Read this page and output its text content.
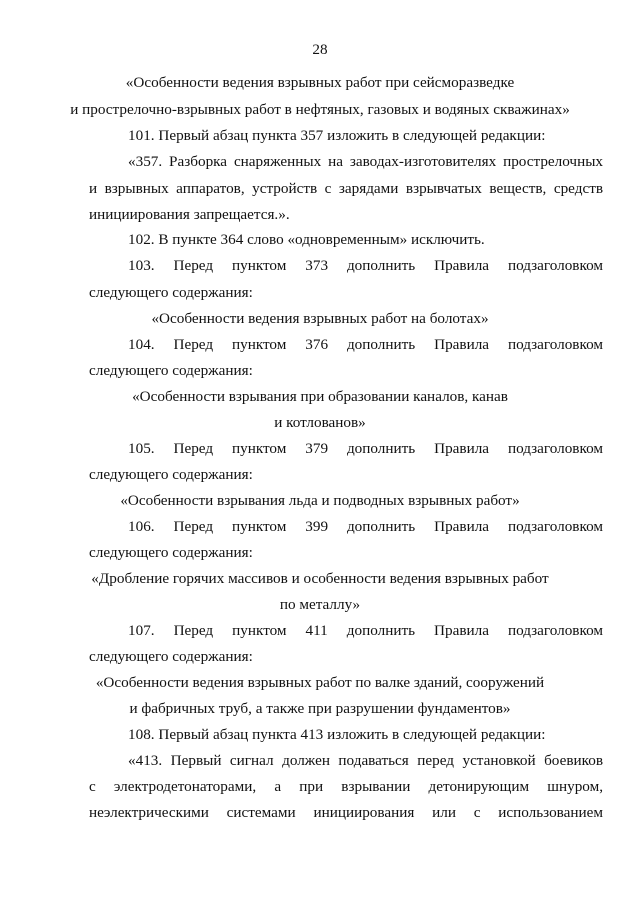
28
«Особенности ведения взрывных работ при сейсморазведке
и прострелочно-взрывных работ в нефтяных, газовых и водяных скважинах»
101. Первый абзац пункта 357 изложить в следующей редакции:
«357. Разборка снаряженных на заводах-изготовителях прострелочных
и взрывных аппаратов, устройств с зарядами взрывчатых веществ, средств
инициирования запрещается.».
102. В пункте 364 слово «одновременным» исключить.
103. Перед пунктом 373 дополнить Правила подзаголовком
следующего содержания:
«Особенности ведения взрывных работ на болотах»
104. Перед пунктом 376 дополнить Правила подзаголовком
следующего содержания:
«Особенности взрывания при образовании каналов, канав
и котлованов»
105. Перед пунктом 379 дополнить Правила подзаголовком
следующего содержания:
«Особенности взрывания льда и подводных взрывных работ»
106. Перед пунктом 399 дополнить Правила подзаголовком
следующего содержания:
«Дробление горячих массивов и особенности ведения взрывных работ
по металлу»
107. Перед пунктом 411 дополнить Правила подзаголовком
следующего содержания:
«Особенности ведения взрывных работ по валке зданий, сооружений
и фабричных труб, а также при разрушении фундаментов»
108. Первый абзац пункта 413 изложить в следующей редакции:
«413. Первый сигнал должен подаваться перед установкой боевиков
с электродетонаторами, а при взрывании детонирующим шнуром,
неэлектрическими системами инициирования или с использованием
